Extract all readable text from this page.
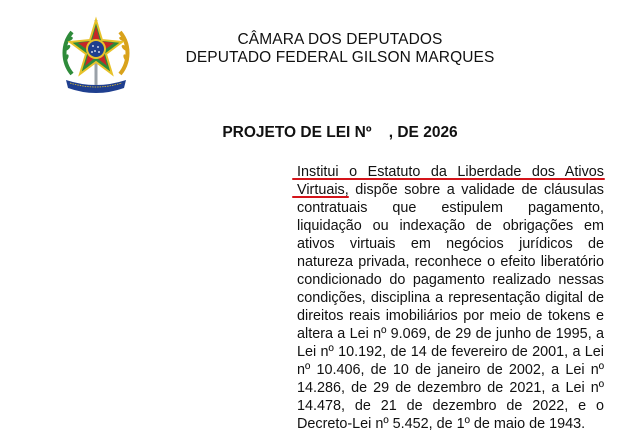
CÂMARA DOS DEPUTADOS
DEPUTADO FEDERAL GILSON MARQUES
PROJETO DE LEI Nº    , DE 2026
Institui o Estatuto da Liberdade dos Ativos
Virtuais, dispõe sobre a validade de cláusulas
contratuais que estipulem pagamento,
liquidação ou indexação de obrigações em
ativos virtuais em negócios jurídicos de
natureza privada, reconhece o efeito liberatório
condicionado do pagamento realizado nessas
condições, disciplina a representação digital de
direitos reais imobiliários por meio de tokens e
altera a Lei nº 9.069, de 29 de junho de 1995, a
Lei nº 10.192, de 14 de fevereiro de 2001, a Lei
nº 10.406, de 10 de janeiro de 2002, a Lei nº
14.286, de 29 de dezembro de 2021, a Lei nº
14.478, de 21 de dezembro de 2022, e o
Decreto-Lei nº 5.452, de 1º de maio de 1943.
